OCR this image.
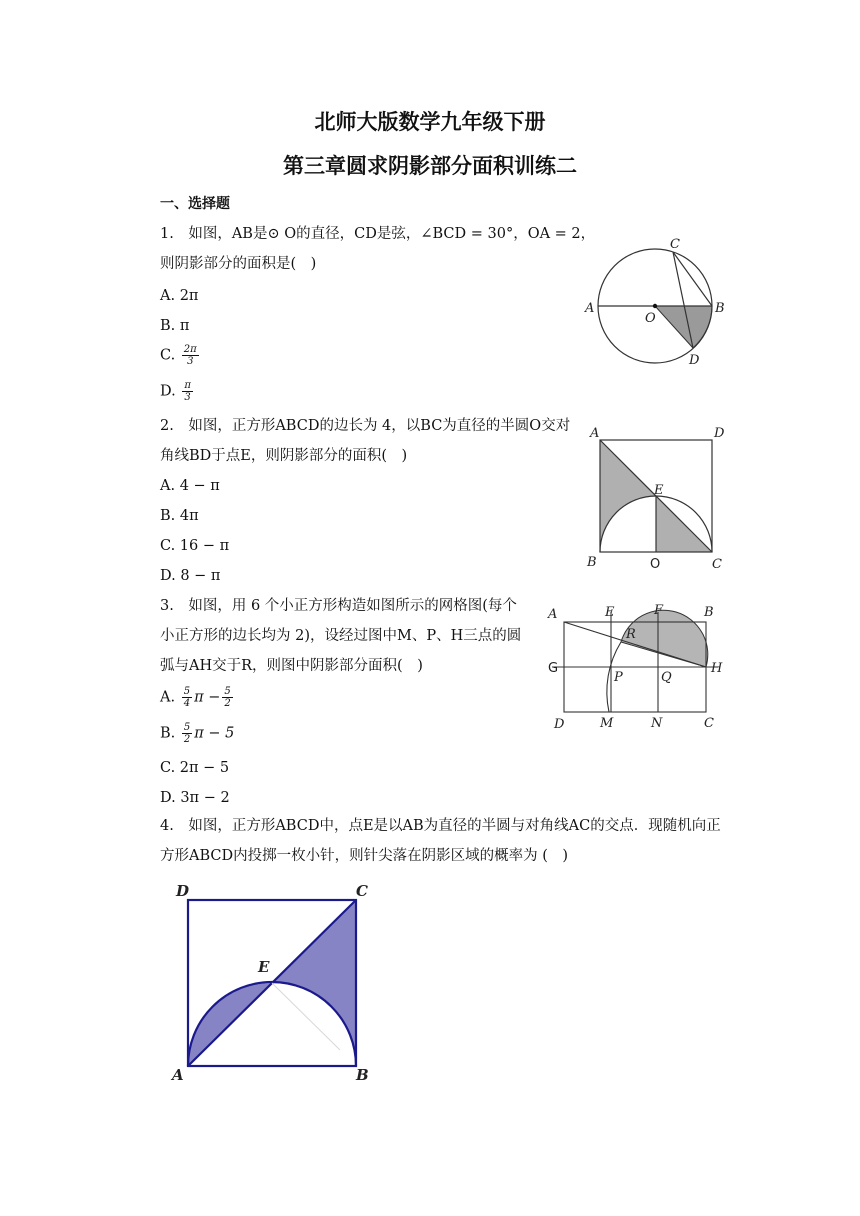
北师大版数学九年级下册
第三章圆求阴影部分面积训练二
一、选择题
1.　如图，AB是⊙ O的直径，CD是弦，∠BCD = 30°，OA = 2，
则阴影部分的面积是(　)
A. 2π
B. π
C. $\frac{2\pi}{3}$
D. $\frac{\pi}{3}$
A	B
C
D
O
2.　如图，正方形ABCD的边长为 4，以BC为直径的半圆O交对
角线BD于点E，则阴影部分的面积(　)
A. 4 − π
B. 4π
C. 16 − π
D. 8 − π
A	D
B	C
O
E
3.　如图，用 6 个小正方形构造如图所示的网格图(每个
小正方形的边长均为 2)，设经过图中M、P、H三点的圆
弧与AH交于R，则图中阴影部分面积(　)
A. $\frac{5}{4}$ $\pi - \frac{5}{2}$
B. $\frac{5}{2}$ π − 5
C. 2π − 5
D. 3π − 2
A	E	F	B
G	H
R
P	Q
D	M	N	C
4.　如图，正方形ABCD中，点E是以AB为直径的半圆与对角线AC的交点．现随机向正
方形ABCD内投掷一枚小针，则针尖落在阴影区域的概率为 (　)
D	C
A	B
E
